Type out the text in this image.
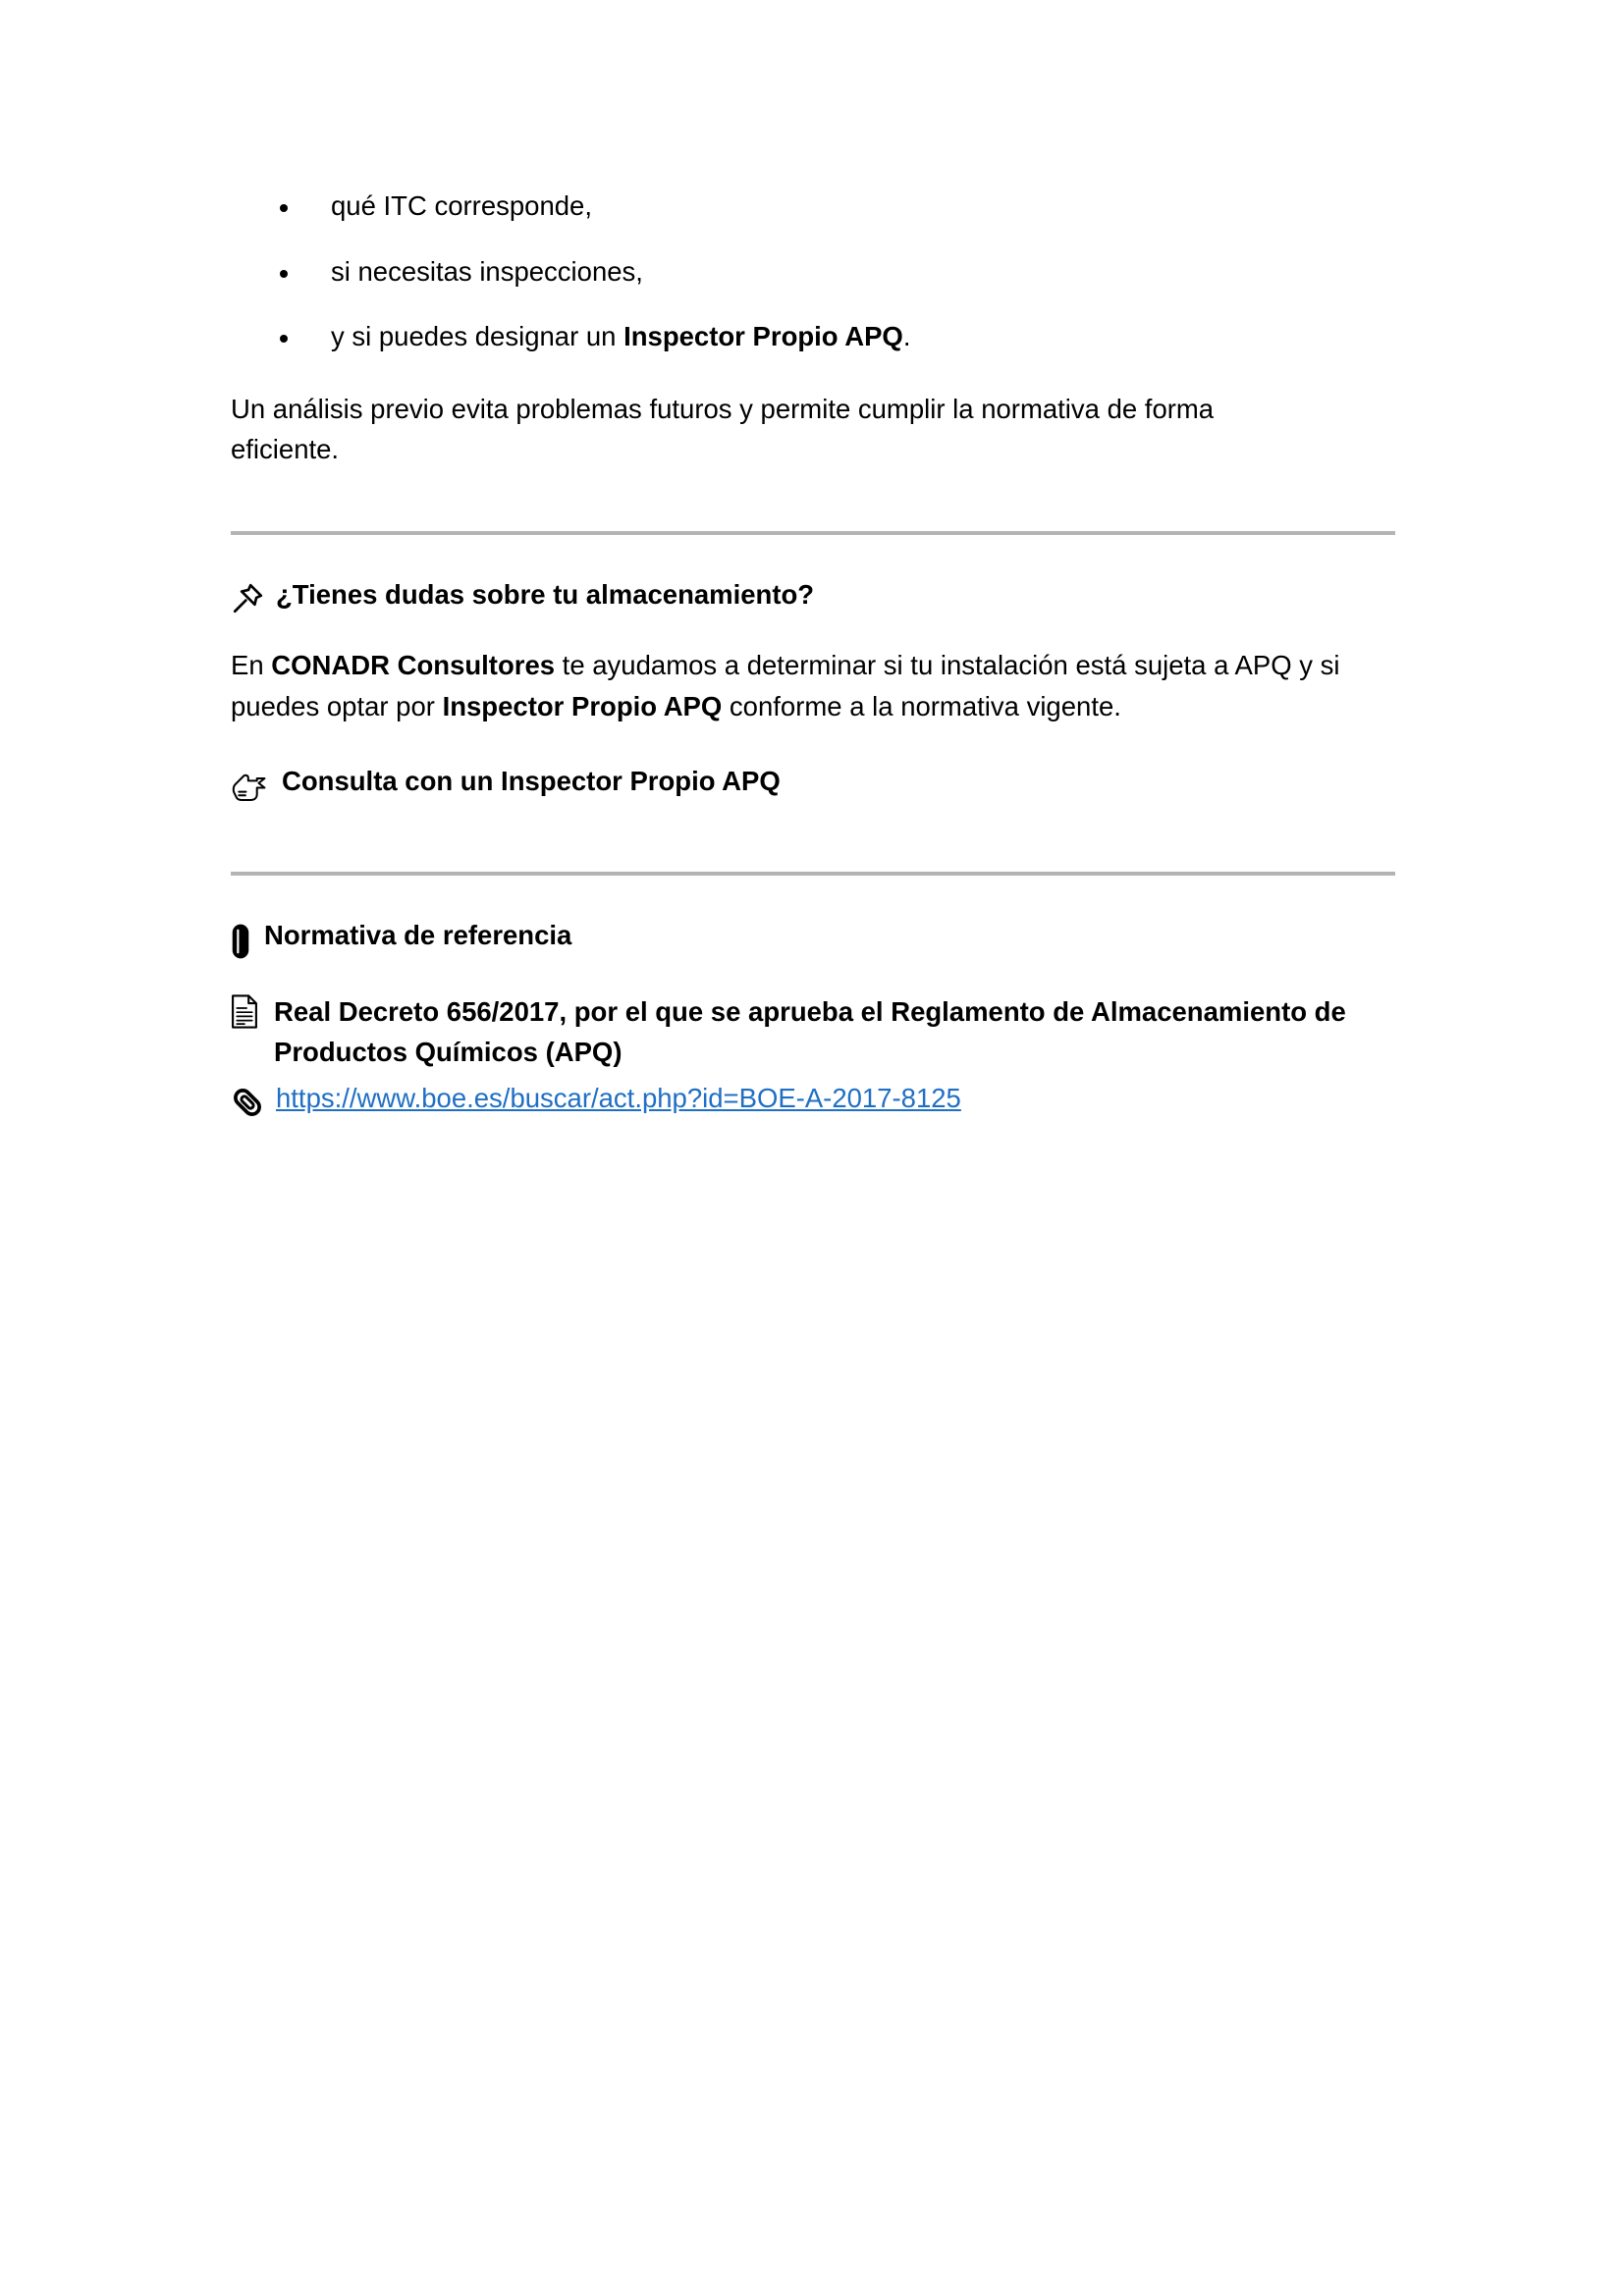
qué ITC corresponde,
si necesitas inspecciones,
y si puedes designar un Inspector Propio APQ.

Un análisis previo evita problemas futuros y permite cumplir la normativa de forma eficiente.

¿Tienes dudas sobre tu almacenamiento?

En CONADR Consultores te ayudamos a determinar si tu instalación está sujeta a APQ y si puedes optar por Inspector Propio APQ conforme a la normativa vigente.

Consulta con un Inspector Propio APQ
Normativa de referencia
Real Decreto 656/2017, por el que se aprueba el Reglamento de Almacenamiento de Productos Químicos (APQ)
https://www.boe.es/buscar/act.php?id=BOE-A-2017-8125
